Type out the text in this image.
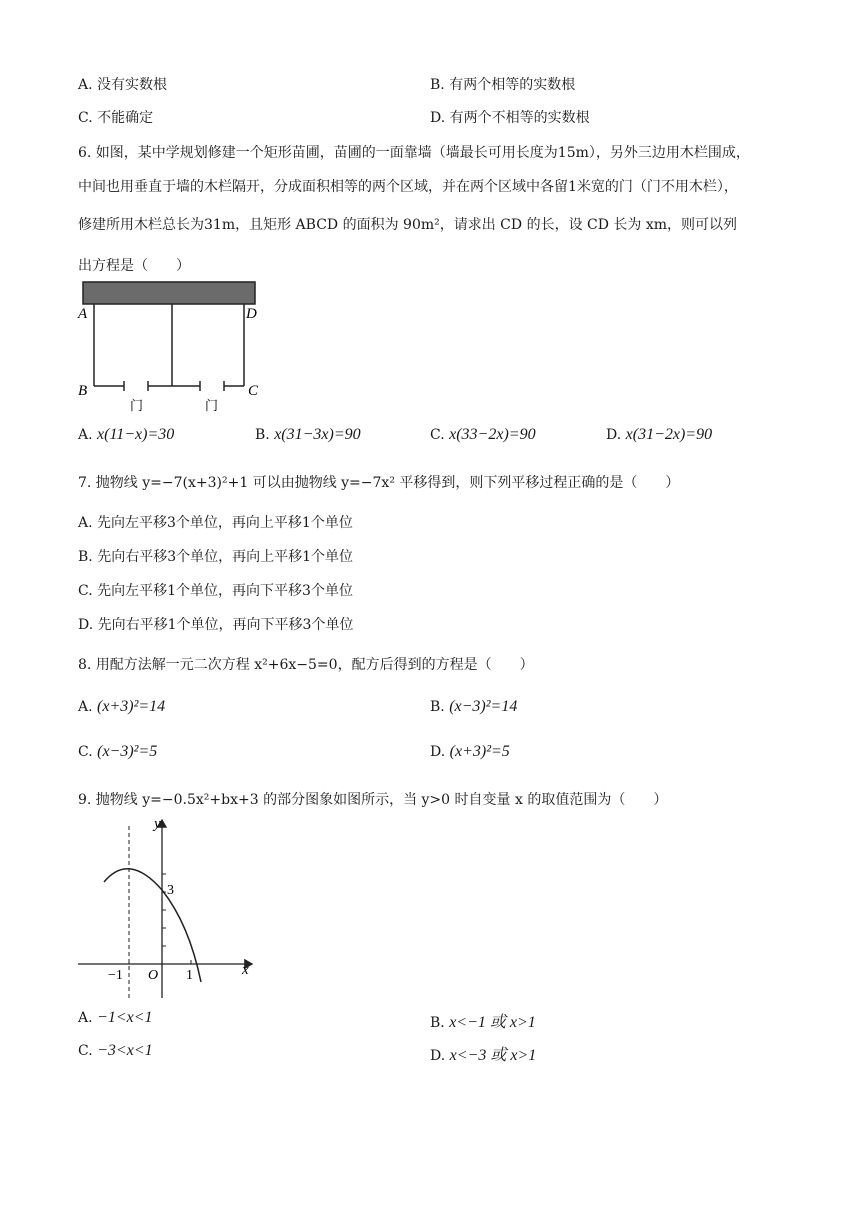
A. 没有实数根	B. 有两个相等的实数根
C. 不能确定	D. 有两个不相等的实数根
6. 如图，某中学规划修建一个矩形苗圃，苗圃的一面靠墙（墙最长可用长度为15m），另外三边用木栏围成，
中间也用垂直于墙的木栏隔开，分成面积相等的两个区域，并在两个区域中各留1米宽的门（门不用木栏），
修建所用木栏总长为31m，且矩形 ABCD 的面积为 90m²，请求出 CD 的长，设 CD 长为 xm，则可以列
出方程是（　　）
A	D
B	C
门	门
A. x(11−x)=30	B. x(31−3x)=90	C. x(33−2x)=90	D. x(31−2x)=90
7. 抛物线 y=−7(x+3)²+1 可以由抛物线 y=−7x² 平移得到，则下列平移过程正确的是（　　）
A. 先向左平移3个单位，再向上平移1个单位
B. 先向右平移3个单位，再向上平移1个单位
C. 先向左平移1个单位，再向下平移3个单位
D. 先向右平移1个单位，再向下平移3个单位
8. 用配方法解一元二次方程 x²+6x−5=0，配方后得到的方程是（　　）
A. (x+3)²=14	B. (x−3)²=14
C. (x−3)²=5	D. (x+3)²=5
9. 抛物线 y=−0.5x²+bx+3 的部分图象如图所示，当 y>0 时自变量 x 的取值范围为（　　）
y
x
O
−1	1
3
A. −1<x<1	B. x<−1 或 x>1
C. −3<x<1	D. x<−3 或 x>1
